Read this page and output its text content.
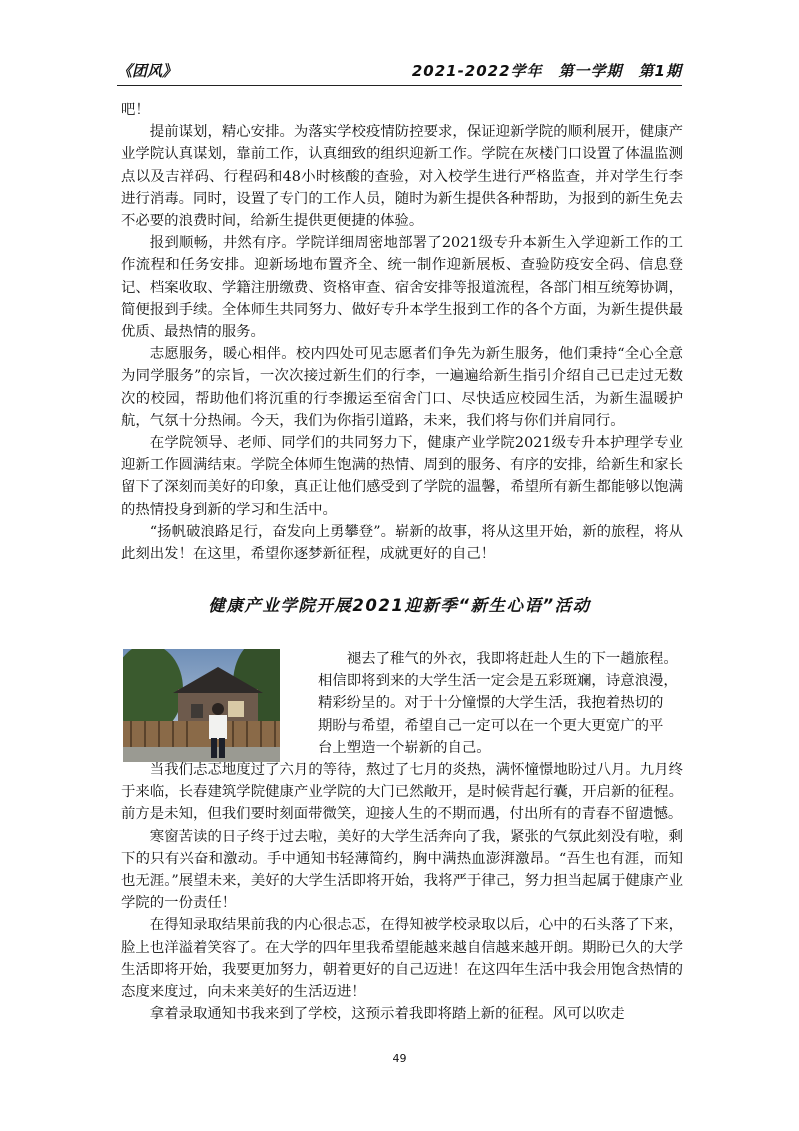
《团风》	2021-2022学年　第一学期　第1期

吧！

提前谋划，精心安排。为落实学校疫情防控要求，保证迎新学院的顺利展开，健康产业学院认真谋划，靠前工作，认真细致的组织迎新工作。学院在灰楼门口设置了体温监测点以及吉祥码、行程码和48小时核酸的查验，对入校学生进行严格监查，并对学生行李进行消毒。同时，设置了专门的工作人员，随时为新生提供各种帮助，为报到的新生免去不必要的浪费时间，给新生提供更便捷的体验。

报到顺畅，井然有序。学院详细周密地部署了2021级专升本新生入学迎新工作的工作流程和任务安排。迎新场地布置齐全、统一制作迎新展板、查验防疫安全码、信息登记、档案收取、学籍注册缴费、资格审查、宿舍安排等报道流程，各部门相互统筹协调，简便报到手续。全体师生共同努力、做好专升本学生报到工作的各个方面，为新生提供最优质、最热情的服务。

志愿服务，暖心相伴。校内四处可见志愿者们争先为新生服务，他们秉持“全心全意为同学服务”的宗旨，一次次接过新生们的行李，一遍遍给新生指引介绍自己已走过无数次的校园，帮助他们将沉重的行李搬运至宿舍门口、尽快适应校园生活，为新生温暖护航，气氛十分热闹。今天，我们为你指引道路，未来，我们将与你们并肩同行。

在学院领导、老师、同学们的共同努力下，健康产业学院2021级专升本护理学专业迎新工作圆满结束。学院全体师生饱满的热情、周到的服务、有序的安排，给新生和家长留下了深刻而美好的印象，真正让他们感受到了学院的温馨，希望所有新生都能够以饱满的热情投身到新的学习和生活中。

“扬帆破浪路足行，奋发向上勇攀登”。崭新的故事，将从这里开始，新的旅程，将从此刻出发！在这里，希望你逐梦新征程，成就更好的自己！

健康产业学院开展2021迎新季“新生心语”活动

褪去了稚气的外衣，我即将赶赴人生的下一趟旅程。

相信即将到来的大学生活一定会是五彩斑斓，诗意浪漫，

精彩纷呈的。对于十分憧憬的大学生活，我抱着热切的

期盼与希望，希望自己一定可以在一个更大更宽广的平

台上塑造一个崭新的自己。

当我们忐忑地度过了六月的等待，熬过了七月的炎热，满怀憧憬地盼过八月。九月终于来临，长春建筑学院健康产业学院的大门已然敞开，是时候背起行囊，开启新的征程。前方是未知，但我们要时刻面带微笑，迎接人生的不期而遇，付出所有的青春不留遗憾。

寒窗苦读的日子终于过去啦，美好的大学生活奔向了我，紧张的气氛此刻没有啦，剩下的只有兴奋和激动。手中通知书轻薄简约，胸中满热血澎湃激昂。“吾生也有涯，而知也无涯。”展望未来，美好的大学生活即将开始，我将严于律己，努力担当起属于健康产业学院的一份责任！

在得知录取结果前我的内心很忐忑，在得知被学校录取以后，心中的石头落了下来，脸上也洋溢着笑容了。在大学的四年里我希望能越来越自信越来越开朗。期盼已久的大学生活即将开始，我要更加努力，朝着更好的自己迈进！在这四年生活中我会用饱含热情的态度来度过，向未来美好的生活迈进！

拿着录取通知书我来到了学校，这预示着我即将踏上新的征程。风可以吹走

49
